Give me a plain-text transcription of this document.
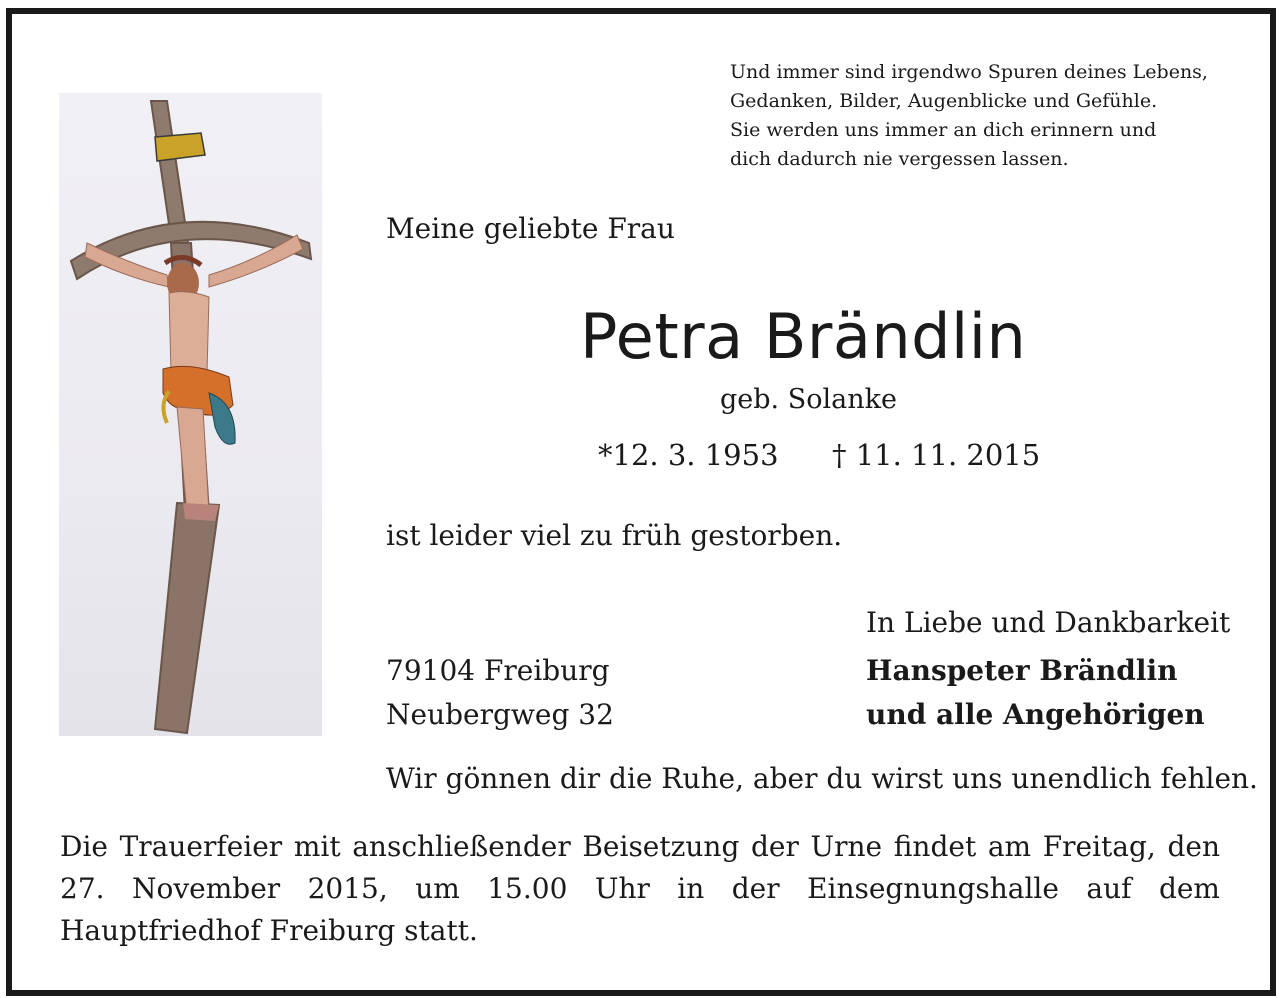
Und immer sind irgendwo Spuren deines Lebens,
Gedanken, Bilder, Augenblicke und Gefühle.
Sie werden uns immer an dich erinnern und
dich dadurch nie vergessen lassen.
Meine geliebte Frau
Petra Brändlin
geb. Solanke
*12. 3. 1953 † 11. 11. 2015
ist leider viel zu früh gestorben.
In Liebe und Dankbarkeit
79104 Freiburg
Neubergweg 32
Hanspeter Brändlin
und alle Angehörigen
Wir gönnen dir die Ruhe, aber du wirst uns unendlich fehlen.
Die Trauerfeier mit anschließender Beisetzung der Urne findet am Freitag, den 27. November 2015, um 15.00 Uhr in der Einsegnungshalle auf dem Hauptfriedhof Freiburg statt.
